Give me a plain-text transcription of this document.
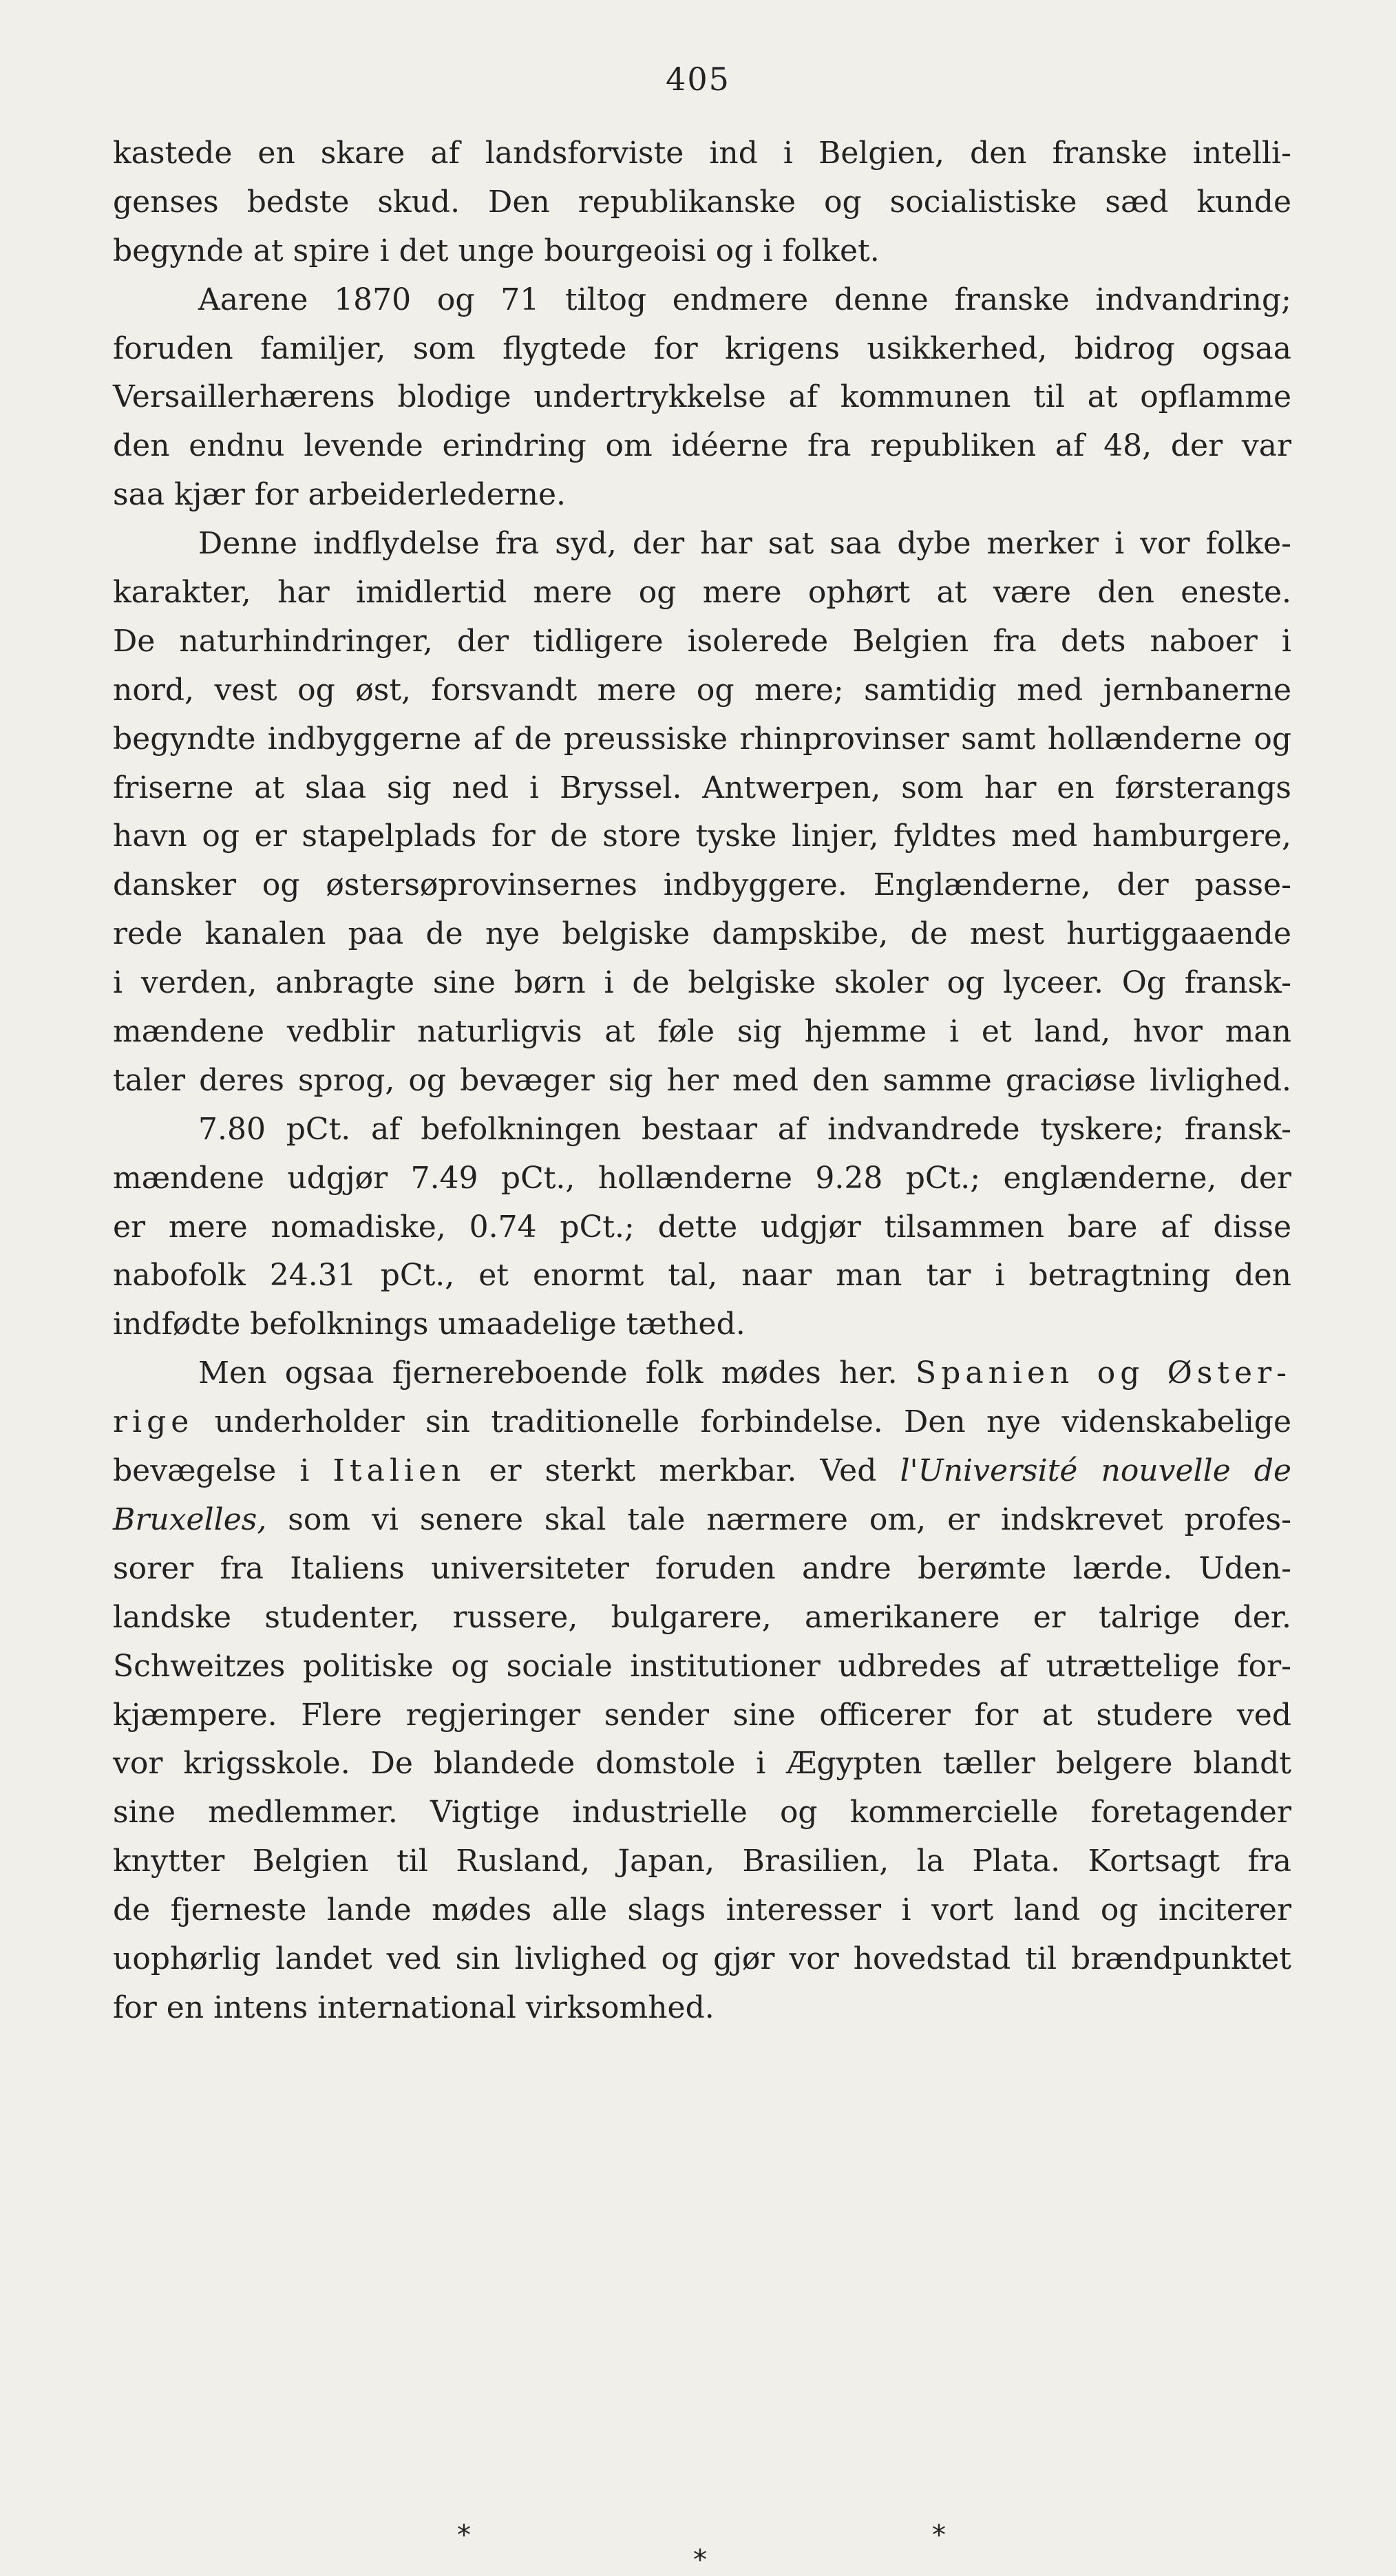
405
kastede en skare af landsforviste ind i Belgien, den franske intelli-
genses bedste skud. Den republikanske og socialistiske sæd kunde
begynde at spire i det unge bourgeoisi og i folket.
Aarene 1870 og 71 tiltog endmere denne franske indvandring;
foruden familjer, som flygtede for krigens usikkerhed, bidrog ogsaa
Versaillerhærens blodige undertrykkelse af kommunen til at opflamme
den endnu levende erindring om idéerne fra republiken af 48, der var
saa kjær for arbeiderlederne.
Denne indflydelse fra syd, der har sat saa dybe merker i vor folke-
karakter, har imidlertid mere og mere ophørt at være den eneste.
De naturhindringer, der tidligere isolerede Belgien fra dets naboer i
nord, vest og øst, forsvandt mere og mere; samtidig med jernbanerne
begyndte indbyggerne af de preussiske rhinprovinser samt hollænderne og
friserne at slaa sig ned i Bryssel. Antwerpen, som har en førsterangs
havn og er stapelplads for de store tyske linjer, fyldtes med hamburgere,
dansker og østersøprovinsernes indbyggere. Englænderne, der passe-
rede kanalen paa de nye belgiske dampskibe, de mest hurtiggaaende
i verden, anbragte sine børn i de belgiske skoler og lyceer. Og fransk-
mændene vedblir naturligvis at føle sig hjemme i et land, hvor man
taler deres sprog, og bevæger sig her med den samme graciøse livlighed.
7.80 pCt. af befolkningen bestaar af indvandrede tyskere; fransk-
mændene udgjør 7.49 pCt., hollænderne 9.28 pCt.; englænderne, der
er mere nomadiske, 0.74 pCt.; dette udgjør tilsammen bare af disse
nabofolk 24.31 pCt., et enormt tal, naar man tar i betragtning den
indfødte befolknings umaadelige tæthed.
Men ogsaa fjernereboende folk mødes her. Spanien og Øster-
rige underholder sin traditionelle forbindelse. Den nye videnskabelige
bevægelse i Italien er sterkt merkbar. Ved l'Université nouvelle de
Bruxelles, som vi senere skal tale nærmere om, er indskrevet profes-
sorer fra Italiens universiteter foruden andre berømte lærde. Uden-
landske studenter, russere, bulgarere, amerikanere er talrige der.
Schweitzes politiske og sociale institutioner udbredes af utrættelige for-
kjæmpere. Flere regjeringer sender sine officerer for at studere ved
vor krigsskole. De blandede domstole i Ægypten tæller belgere blandt
sine medlemmer. Vigtige industrielle og kommercielle foretagender
knytter Belgien til Rusland, Japan, Brasilien, la Plata. Kortsagt fra
de fjerneste lande mødes alle slags interesser i vort land og inciterer
uophørlig landet ved sin livlighed og gjør vor hovedstad til brændpunktet
for en intens international virksomhed.
*	*
*
